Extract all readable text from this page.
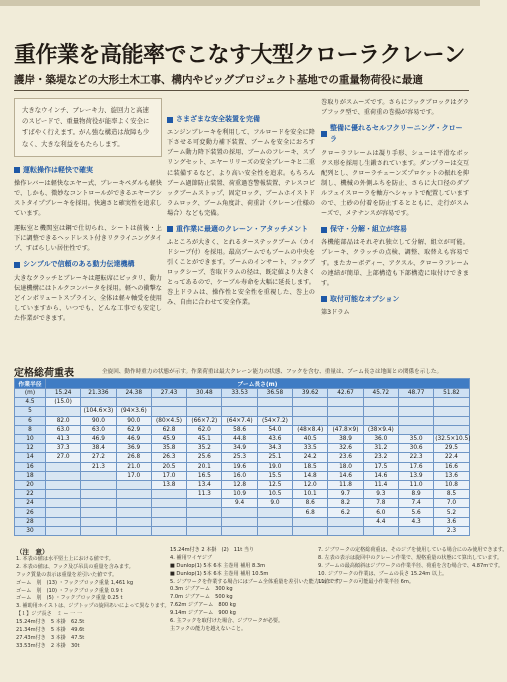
重作業を高能率でこなす大型クローラクレーン
護岸・築堤などの大形土木工事、構内やビッグプロジェクト基地での重量物荷役に最適
大きなウインチ、ブレーキ力、旋回力と高速のスピードで、重量物荷役が能率よく安全にすばやく行えます。がん強な構造は故障も少なく、大きな利益をもたらします。
運転操作は軽快で確実

操作レバーは軽快なエヤー式、ブレーキペダルも軽快で、しかも、微妙なコントロールができるエヤーアシストタイプブレーキを採用。快適さと確実性を追求しています。

運転室と機関室は鋼で仕切られ、シートは前後・上下に調整できるヘッドレスト付きリクライニングタイプ、すばらしい居住性です。

シンプルで信頼のある動力伝達機構

大きなクラッチとブレーキは運転席にピッタリ、動力伝達機構にはトルクコンバータを採用。軽への衝撃などインボリュートスプライン、全体は軽々軸受を使用していますから、いつでも、どんな工事でも安定した作業ができます。

さまざまな安全装置を完備

エンジンブレーキを利用して、フルロードを安全に降下させる可変動力補下装置、ブームを安全におろすブーム動力降下装置の採用、ブームのフレーキ、スプリングセット、エヤーリリーズの安全ブレーキと二重に装備するなど、より高い安全性を追求。もちろんブーム過節防止装置、荷重過巻警報装置、テレスコピックブームストップ、固定ロック、ブームホイストドラムロック、ブーム角度計、荷重計（クレーン仕様の場合）なども完備。

重作業に最適のクレーン・アタッチメント

ふところが大きく、とれるターステックブーム（カイドシーブ付）を採用。最高ブームでもブームの中央を引くことができます。ブームのインサート、フックブロックシーブ、巻取ドラムの径は、既定値より大きくとってあるので、ケーブル寿命を大幅に延長します。巻上ドラムは、操作性と安全性を重視した、巻上のみ、自由に合わせて安全作業。

巻取りがスムーズです。さらにフックブロックはグラブフック型で、重荷重の巻揚が容易です。

整備に優れるセルフクリーニング・クローラ

クローラフレームは凝り手形、シューは平滑なボックス形を採用し生鍛されています。ダンプラーは交互配列とし、クローラチェーンズプロケットの振れを抑制し、機械の外側ふちを防止、さらに大口径のダブルフェイスローラを軸方へシャットで配置していますので、土砂の付着を防止するとともに、走行がスムーズで、メテナンスが容易です。

保守・分解・組立が容易

各機能部品はそれぞれ独立して分解、組立が可能。ブレーキ、クラッチの点検、調整、取替えも容易です。またカーボディー、アクスル、クローラフレームの連結が簡単、上部構造も下部構造に取付けできます。

取付可能なオプション

第3ドラム

定格総荷重表	全旋回、動作時重力の状態が示す。作業荷重は最大クレーン能力の状態、フックを含む、重量は、ブーム長さは地面との関係を示した。
作業半径	ブーム長さ(m)											
(m)	15.24	21.336	24.38	27.43	30.48	33.53	36.58	39.62	42.67	45.72	48.77	51.82
4.5	(15.0)											
5		(104.6×3)	(94×3.6)									
6	82.0	90.0	90.0	(80×4.5)	(66×7.2)	(64×7.4)	(54×7.2)					
8	63.0	63.0	62.9	62.8	62.0	58.6	54.0	(48×8.4)	(47.8×9)	(38×9.4)		
10	41.3	46.9	46.9	45.9	45.1	44.8	43.6	40.5	38.9	36.0	35.0	(32.5×10.5)
12	37.3	38.4	36.9	35.8	35.2	34.9	34.3	33.5	32.6	31.2	30.6	29.5
14	27.0	27.2	26.8	26.3	25.6	25.3	25.1	24.2	23.6	23.2	22.3	22.4
16		21.3	21.0	20.5	20.1	19.6	19.0	18.5	18.0	17.5	17.6	16.6
18			17.0	17.0	16.5	16.0	15.5	14.8	14.6	14.6	13.9	13.6
20				13.8	13.4	12.8	12.5	12.0	11.8	11.4	11.0	10.8
22					11.3	10.9	10.5	10.1	9.7	9.3	8.9	8.5
24						9.4	9.0	8.6	8.2	7.8	7.4	7.0
26								6.8	6.2	6.0	5.6	5.2
28										4.4	4.3	3.6
30												2.3
（注　意）
1. 本表の値は水平堅土上における値です。
2. 本表の値は、フック及び吊具の重量を含みます。
フック質量の表示は重量を差引いた値です。
ゴーム　別　(13) ・フックブロック重量 1,461 kg
ゴーム　別　(10) ・フックブロック重量 0.9 t
ゴーム　別　(5) ・フックブロック重量 0.25 t
3. 補助用ホイストは、ジブトップの旋回あいによって異なります。
【１】ジブ長さ　ミ ー 一 一
15.24m付き　5 本掛　62.5t
21.34m付き　5 本掛　49.6t
27.43m付き　3 本掛　47.5t
33.53m付き　2 本掛　30t
15.24m付き 2 本掛　(2)　11t 当り
4. 補用ワイヤジブ
■ Dunlop(1) 5本 6本 主巻用 補用 8.3m
■ Dunlop(1) 5本 6本 主巻用 補用 10.5m
5. ジブワークを作業する場合にはブーム全体重量を差引いた能力の値です。
0.3m ジブアーム　300 kg
7.0m ジブアーム　500 kg
7.62m ジブアーム　800 kg
9.14m ジブアーム　900 kg
6. 主フックを取付けた場合、ジブワークが必要。
主フックの能力を越えないこと。
7. ジブワークの定格総荷重は、そのジブを使用している場合にのみ使用できます。
8. 左表の表示は旋回中のクレーン作業で、規格重量の状態にて算出しています。
9. ブームの最高傾斜はジブワークの作業半径、荷重を含む場合で、4.87mです。
10. ジブワークの作業は、ブームの長さ 15.24m 以上。
11. ジブワークの可能最小作業半径 6m。
